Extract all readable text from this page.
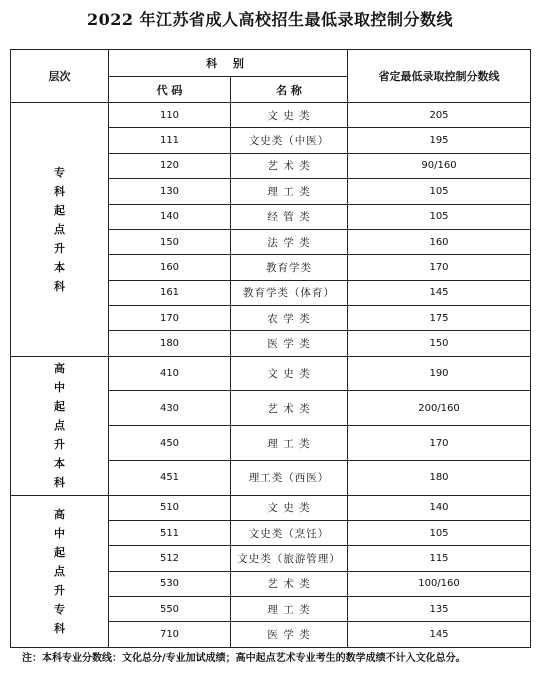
2022 年江苏省成人高校招生最低录取控制分数线
层次	科 别		省定最低录取控制分数线
	代 码	名 称	
专科起点升本科	110	文 史 类	205
	111	文史类（中医）	195
	120	艺 术 类	90/160
	130	理 工 类	105
	140	经 管 类	105
	150	法 学 类	160
	160	教育学类	170
	161	教育学类（体育）	145
	170	农 学 类	175
	180	医 学 类	150
高中起点升本科	410	文 史 类	190
	430	艺 术 类	200/160
	450	理 工 类	170
	451	理工类（西医）	180
高中起点升专科	510	文 史 类	140
	511	文史类（烹饪）	105
	512	文史类（旅游管理）	115
	530	艺 术 类	100/160
	550	理 工 类	135
	710	医 学 类	145
注：本科专业分数线：文化总分/专业加试成绩；高中起点艺术专业考生的数学成绩不计入文化总分。
